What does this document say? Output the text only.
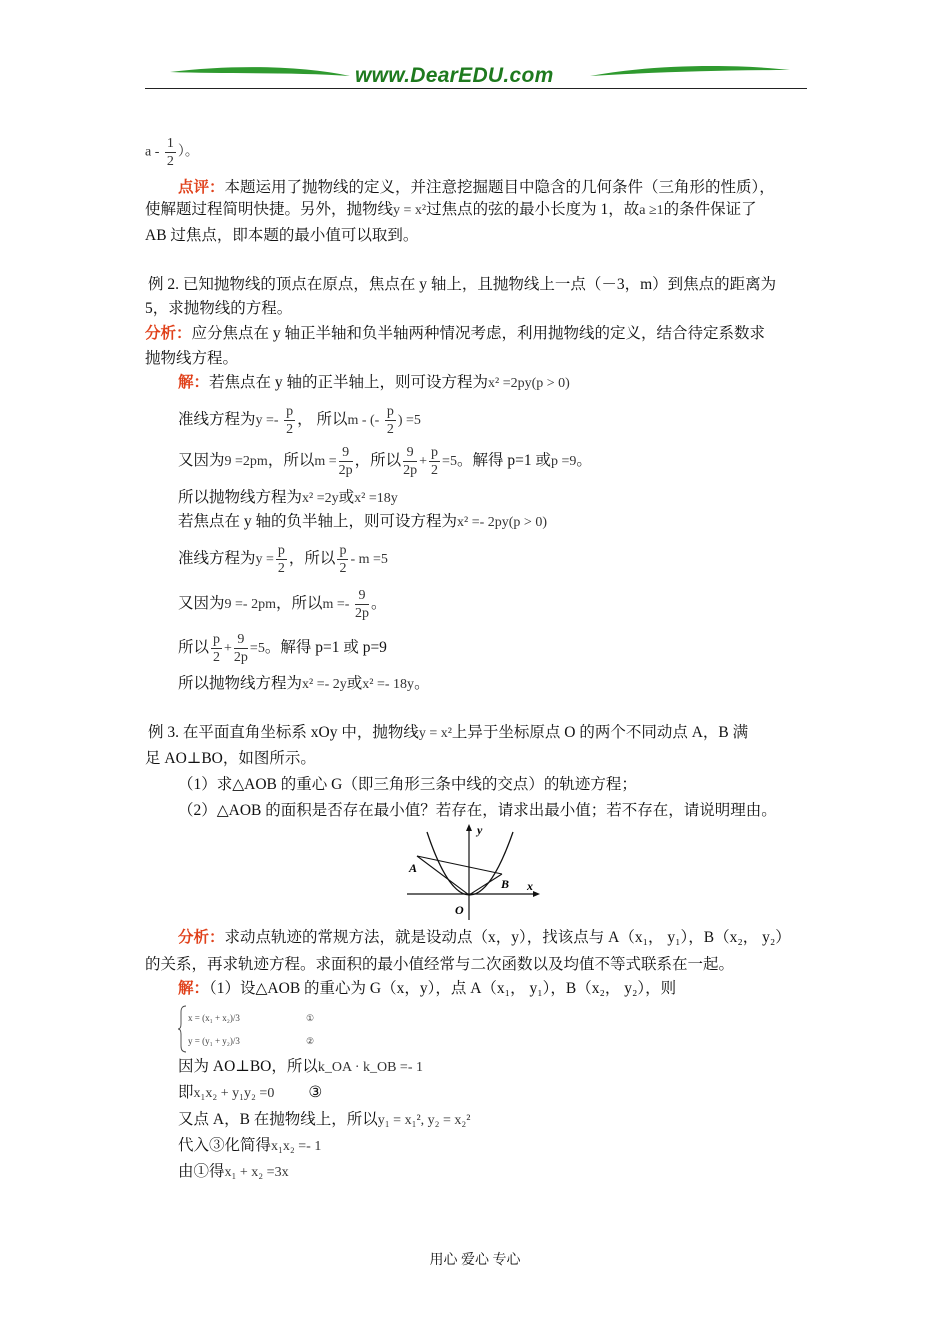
www.DearEDU.com
a - $\frac{1}{2}$ ）。
点评：本题运用了抛物线的定义，并注意挖掘题目中隐含的几何条件（三角形的性质），
使解题过程简明快捷。另外，抛物线y = x²过焦点的弦的最小长度为 1，故a ≥1的条件保证了
AB 过焦点，即本题的最小值可以取到。
例 2. 已知抛物线的顶点在原点，焦点在 y 轴上，且抛物线上一点（－3，m）到焦点的距离为
5，求抛物线的方程。
分析：应分焦点在 y 轴正半轴和负半轴两种情况考虑，利用抛物线的定义，结合待定系数求
抛物线方程。
解：若焦点在 y 轴的正半轴上，则可设方程为x² =2py(p > 0)
准线方程为$y =- \frac{p}{2}$ ， 所以m - (- $\frac{p}{2}$ ) =5
又因为9 =2pm，所以$m = \frac{9}{2p}$ ，所以 $\frac{9}{2p} + \frac{p}{2} =5$。解得 p=1 或p =9。
所以抛物线方程为x² =2y或x² =18y
若焦点在 y 轴的负半轴上，则可设方程为x² =- 2py(p > 0)
准线方程为$y = \frac{p}{2}$ ，所以 $\frac{p}{2} - m =5$
又因为9 =- 2pm，所以$m =- \frac{9}{2p}$ 。
所以 $\frac{p}{2} + \frac{9}{2p} =5$。解得 p=1 或 p=9
所以抛物线方程为x² =- 2y或x² =- 18y。
例 3. 在平面直角坐标系 xOy 中，抛物线y = x²上异于坐标原点 O 的两个不同动点 A，B 满
足 AO⊥BO，如图所示。
（1）求△AOB 的重心 G（即三角形三条中线的交点）的轨迹方程；
（2）△AOB 的面积是否存在最小值？若存在，请求出最小值；若不存在，请说明理由。
y
x
A
B
O
分析：求动点轨迹的常规方法，就是设动点（x，y），找该点与 A（x₁， y₁），B（x₂， y₂）
的关系，再求轨迹方程。求面积的最小值经常与二次函数以及均值不等式联系在一起。
解：（1）设△AOB 的重心为 G（x，y），点 A（x₁， y₁），B（x₂， y₂），则
x = (x₁ + x₂)/3	①
y = (y₁ + y₂)/3	②
因为 AO⊥BO，所以k_OA · k_OB =- 1
即x₁x₂ + y₁y₂ =0 ③
又点 A，B 在抛物线上，所以y₁ = x₁², y₂ = x₂²
代入③化简得x₁x₂ =- 1
由①得x₁ + x₂ =3x
用心 爱心 专心
